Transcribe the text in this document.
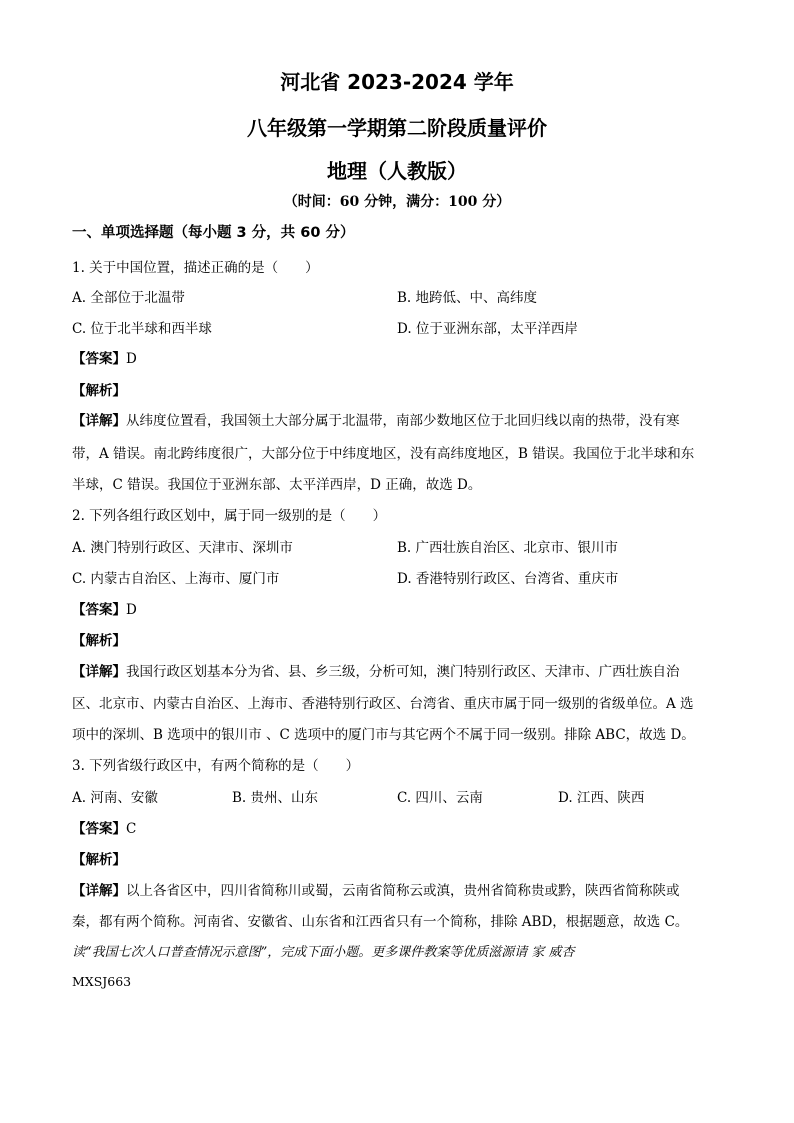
河北省 2023-2024 学年
八年级第一学期第二阶段质量评价
地理（人教版）
（时间：60 分钟，满分：100 分）
一、单项选择题（每小题 3 分，共 60 分）
1. 关于中国位置，描述正确的是（　　）
A. 全部位于北温带	B. 地跨低、中、高纬度
C. 位于北半球和西半球	D. 位于亚洲东部，太平洋西岸
【答案】D
【解析】
【详解】从纬度位置看，我国领土大部分属于北温带，南部少数地区位于北回归线以南的热带，没有寒
带，A 错误。南北跨纬度很广，大部分位于中纬度地区，没有高纬度地区，B 错误。我国位于北半球和东
半球，C 错误。我国位于亚洲东部、太平洋西岸，D 正确，故选 D。
2. 下列各组行政区划中，属于同一级别的是（　　）
A. 澳门特别行政区、天津市、深圳市	B. 广西壮族自治区、北京市、银川市
C. 内蒙古自治区、上海市、厦门市	D. 香港特别行政区、台湾省、重庆市
【答案】D
【解析】
【详解】我国行政区划基本分为省、县、乡三级，分析可知，澳门特别行政区、天津市、广西壮族自治
区、北京市、内蒙古自治区、上海市、香港特别行政区、台湾省、重庆市属于同一级别的省级单位。A 选
项中的深圳、B 选项中的银川市 、C 选项中的厦门市与其它两个不属于同一级别。排除 ABC，故选 D。
3. 下列省级行政区中，有两个简称的是（　　）
A. 河南、安徽	B. 贵州、山东	C. 四川、云南	D. 江西、陕西
【答案】C
【解析】
【详解】以上各省区中，四川省简称川或蜀，云南省简称云或滇，贵州省简称贵或黔，陕西省简称陕或
秦，都有两个简称。河南省、安徽省、山东省和江西省只有一个简称，排除 ABD，根据题意，故选 C。
读“我国七次人口普查情况示意图”，完成下面小题。更多课件教案等优质滋源请 家 威杏
MXSJ663
